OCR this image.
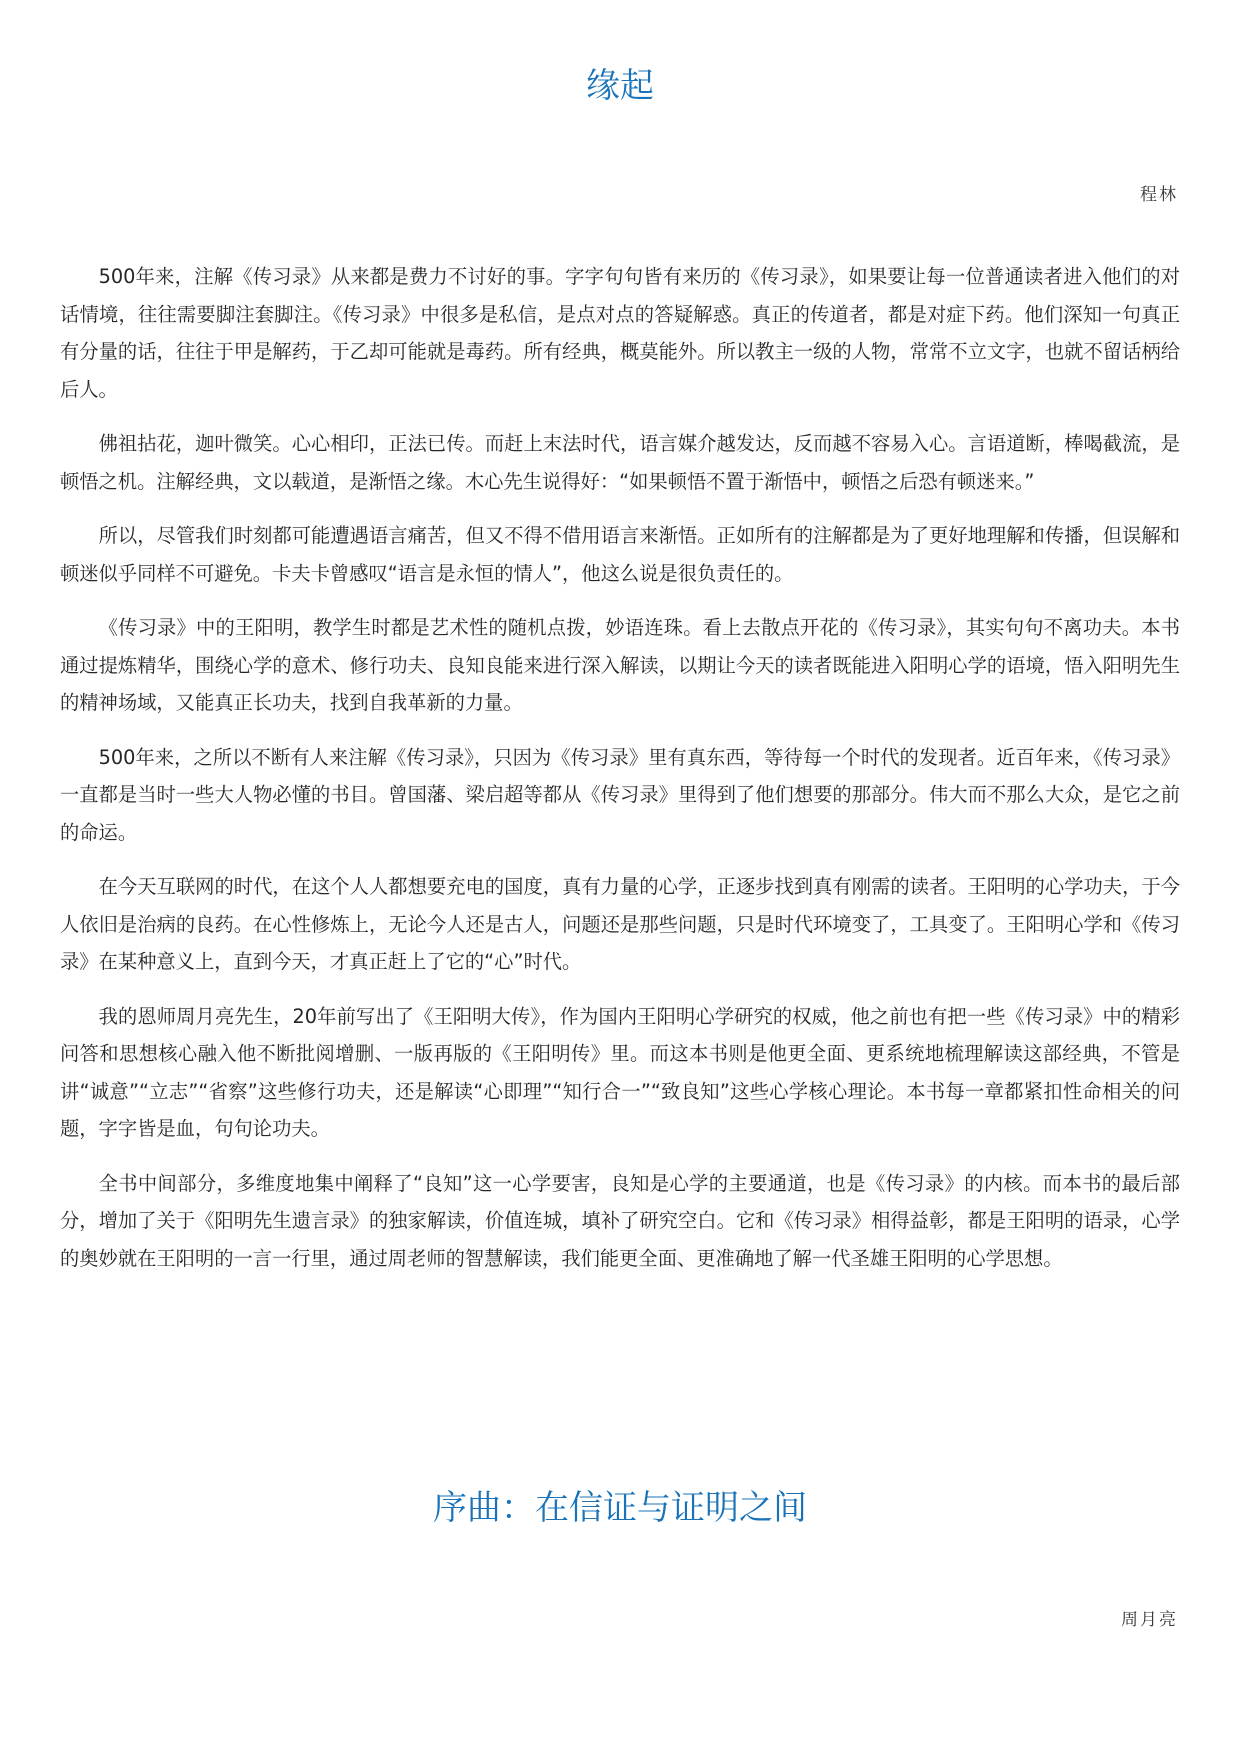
缘起
程林

500年来，注解《传习录》从来都是费力不讨好的事。字字句句皆有来历的《传习录》，如果要让每一位普通读者进入他们的对话情境，往往需要脚注套脚注。《传习录》中很多是私信，是点对点的答疑解惑。真正的传道者，都是对症下药。他们深知一句真正有分量的话，往往于甲是解药，于乙却可能就是毒药。所有经典，概莫能外。所以教主一级的人物，常常不立文字，也就不留话柄给后人。

佛祖拈花，迦叶微笑。心心相印，正法已传。而赶上末法时代，语言媒介越发达，反而越不容易入心。言语道断，棒喝截流，是顿悟之机。注解经典，文以载道，是渐悟之缘。木心先生说得好：“如果顿悟不置于渐悟中，顿悟之后恐有顿迷来。”

所以，尽管我们时刻都可能遭遇语言痛苦，但又不得不借用语言来渐悟。正如所有的注解都是为了更好地理解和传播，但误解和顿迷似乎同样不可避免。卡夫卡曾感叹“语言是永恒的情人”，他这么说是很负责任的。

《传习录》中的王阳明，教学生时都是艺术性的随机点拨，妙语连珠。看上去散点开花的《传习录》，其实句句不离功夫。本书通过提炼精华，围绕心学的意术、修行功夫、良知良能来进行深入解读，以期让今天的读者既能进入阳明心学的语境，悟入阳明先生的精神场域，又能真正长功夫，找到自我革新的力量。

500年来，之所以不断有人来注解《传习录》，只因为《传习录》里有真东西，等待每一个时代的发现者。近百年来，《传习录》一直都是当时一些大人物必懂的书目。曾国藩、梁启超等都从《传习录》里得到了他们想要的那部分。伟大而不那么大众，是它之前的命运。

在今天互联网的时代，在这个人人都想要充电的国度，真有力量的心学，正逐步找到真有刚需的读者。王阳明的心学功夫，于今人依旧是治病的良药。在心性修炼上，无论今人还是古人，问题还是那些问题，只是时代环境变了，工具变了。王阳明心学和《传习录》在某种意义上，直到今天，才真正赶上了它的“心”时代。

我的恩师周月亮先生，20年前写出了《王阳明大传》，作为国内王阳明心学研究的权威，他之前也有把一些《传习录》中的精彩问答和思想核心融入他不断批阅增删、一版再版的《王阳明传》里。而这本书则是他更全面、更系统地梳理解读这部经典，不管是讲“诚意”“立志”“省察”这些修行功夫，还是解读“心即理”“知行合一”“致良知”这些心学核心理论。本书每一章都紧扣性命相关的问题，字字皆是血，句句论功夫。

全书中间部分，多维度地集中阐释了“良知”这一心学要害，良知是心学的主要通道，也是《传习录》的内核。而本书的最后部分，增加了关于《阳明先生遗言录》的独家解读，价值连城，填补了研究空白。它和《传习录》相得益彰，都是王阳明的语录，心学的奥妙就在王阳明的一言一行里，通过周老师的智慧解读，我们能更全面、更准确地了解一代圣雄王阳明的心学思想。

序曲：在信证与证明之间
周月亮
